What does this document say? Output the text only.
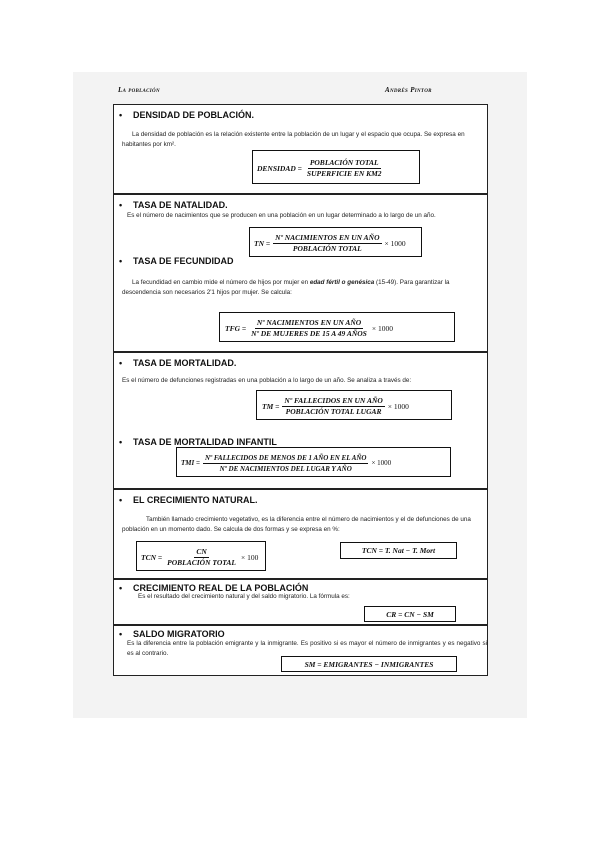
La población	Andrés Pintor
• DENSIDAD DE POBLACIÓN.
La densidad de población es la relación existente entre la población de un lugar y el espacio que ocupa. Se expresa en habitantes por km².
DENSIDAD = $\frac{\text{POBLACIÓN TOTAL}}{\text{SUPERFICIE EN KM2}}$
• TASA DE NATALIDAD.
Es el número de nacimientos que se producen en una población en un lugar determinado a lo largo de un año.
TN = $\frac{\text{Nº NACIMIENTOS EN UN AÑO}}{\text{POBLACIÓN TOTAL}} \times 1000$
• TASA DE FECUNDIDAD
La fecundidad en cambio mide el número de hijos por mujer en edad fértil o genésica (15-49). Para garantizar la descendencia son necesarios 2'1 hijos por mujer. Se calcula:
TFG = $\frac{\text{Nº NACIMIENTOS EN UN AÑO}}{\text{Nº DE MUJERES DE 15 A 49 AÑOS}} \times 1000$
• TASA DE MORTALIDAD.
Es el número de defunciones registradas en una población a lo largo de un año. Se analiza a través de:
TM = $\frac{\text{Nº FALLECIDOS EN UN AÑO}}{\text{POBLACIÓN TOTAL LUGAR}} \times 1000$
• TASA DE MORTALIDAD INFANTIL
TMI = $\frac{\text{Nº FALLECIDOS DE MENOS DE 1 AÑO EN EL AÑO}}{\text{Nº DE NACIMIENTOS DEL LUGAR Y AÑO}} \times 1000$
• EL CRECIMIENTO NATURAL.
También llamado crecimiento vegetativo, es la diferencia entre el número de nacimientos y el de defunciones de una población en un momento dado. Se calcula de dos formas y se expresa en %:
TCN = $\frac{CN}{\text{POBLACIÓN TOTAL}} \times 100$
TCN = T. Nat − T. Mort
• CRECIMIENTO REAL DE LA POBLACIÓN
Es el resultado del crecimiento natural y del saldo migratorio. La fórmula es:
CR = CN − SM
• SALDO MIGRATORIO
Es la diferencia entre la población emigrante y la inmigrante. Es positivo si es mayor el número de inmigrantes y es negativo si es al contrario.
SM = EMIGRANTES − INMIGRANTES
